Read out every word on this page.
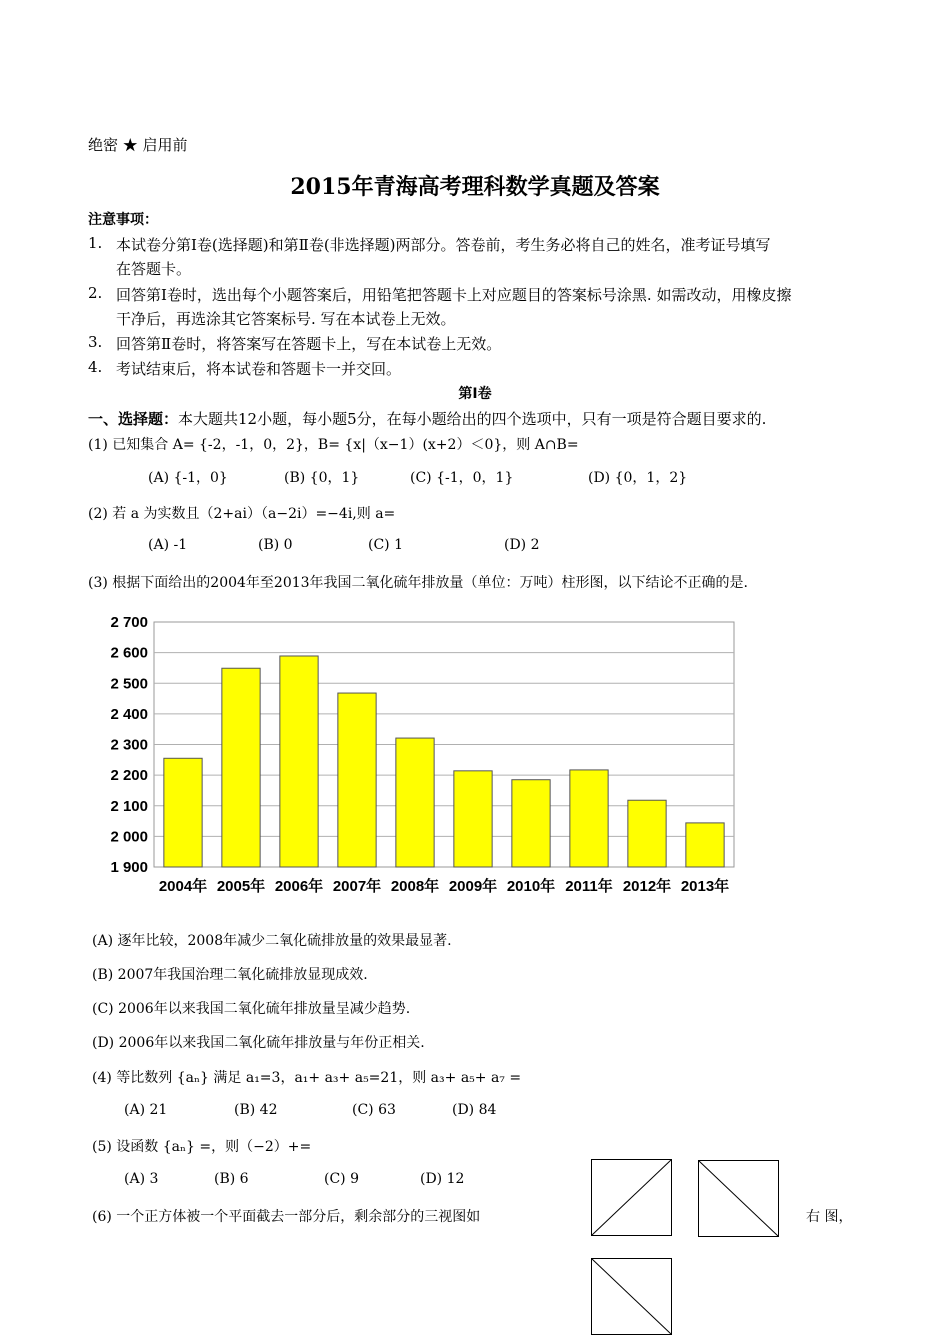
绝密 ★ 启用前
2015年青海高考理科数学真题及答案
注意事项：
1. 本试卷分第Ⅰ卷(选择题)和第Ⅱ卷(非选择题)两部分。答卷前，考生务必将自己的姓名，准考证号填写
在答题卡。
2. 回答第Ⅰ卷时，选出每个小题答案后，用铅笔把答题卡上对应题目的答案标号涂黑. 如需改动，用橡皮擦
干净后，再选涂其它答案标号. 写在本试卷上无效。
3. 回答第Ⅱ卷时，将答案写在答题卡上，写在本试卷上无效。
4. 考试结束后，将本试卷和答题卡一并交回。
第Ⅰ卷
一、选择题：本大题共12小题，每小题5分，在每小题给出的四个选项中，只有一项是符合题目要求的.
(1) 已知集合 A= {-2，-1，0，2}，B= {x|（x−1）(x+2）＜0}，则 A∩B=
(A) {-1，0}	(B) {0，1}	(C) {-1，0，1}	(D) {0，1，2}
(2) 若 a 为实数且（2+ai）（a−2i）=−4i,则 a=
(A) -1	(B) 0	(C) 1	(D) 2
(3) 根据下面给出的2004年至2013年我国二氧化硫年排放量（单位：万吨）柱形图，以下结论不正确的是.
2 700
2 600
2 500
2 400
2 300
2 200
2 100
2 000
1 900
2004年 2005年 2006年 2007年 2008年 2009年 2010年 2011年 2012年 2013年
(A) 逐年比较，2008年减少二氧化硫排放量的效果最显著.
(B) 2007年我国治理二氧化硫排放显现成效.
(C) 2006年以来我国二氧化硫年排放量呈减少趋势.
(D) 2006年以来我国二氧化硫年排放量与年份正相关.
(4) 等比数列 {aₙ} 满足 a₁=3，a₁+ a₃+ a₅=21，则 a₃+ a₅+ a₇ =
(A) 21	(B) 42	(C) 63	(D) 84
(5) 设函数 {aₙ} =，则（−2）+=
(A) 3	(B) 6	(C) 9	(D) 12
(6) 一个正方体被一个平面截去一部分后，剩余部分的三视图如	右 图，
